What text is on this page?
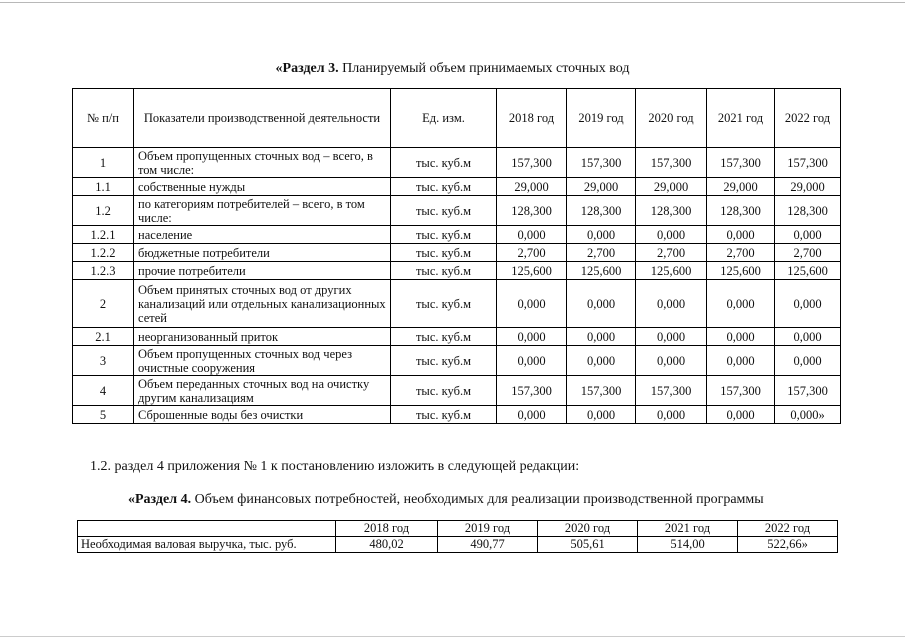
«Раздел 3. Планируемый объем принимаемых сточных вод
№ п/п	Показатели производственной деятельности	Ед. изм.	2018 год	2019 год	2020 год	2021 год	2022 год
1	Объем пропущенных сточных вод – всего, в том числе:	тыс. куб.м	157,300	157,300	157,300	157,300	157,300
1.1	собственные нужды	тыс. куб.м	29,000	29,000	29,000	29,000	29,000
1.2	по категориям потребителей – всего, в том числе:	тыс. куб.м	128,300	128,300	128,300	128,300	128,300
1.2.1	население	тыс. куб.м	0,000	0,000	0,000	0,000	0,000
1.2.2	бюджетные потребители	тыс. куб.м	2,700	2,700	2,700	2,700	2,700
1.2.3	прочие потребители	тыс. куб.м	125,600	125,600	125,600	125,600	125,600
2	Объем принятых сточных вод от других канализаций или отдельных канализационных сетей	тыс. куб.м	0,000	0,000	0,000	0,000	0,000
2.1	неорганизованный приток	тыс. куб.м	0,000	0,000	0,000	0,000	0,000
3	Объем пропущенных сточных вод через очистные сооружения	тыс. куб.м	0,000	0,000	0,000	0,000	0,000
4	Объем переданных сточных вод на очистку другим канализациям	тыс. куб.м	157,300	157,300	157,300	157,300	157,300
5	Сброшенные воды без очистки	тыс. куб.м	0,000	0,000	0,000	0,000	0,000»
1.2. раздел 4 приложения № 1 к постановлению изложить в следующей редакции:
«Раздел 4. Объем финансовых потребностей, необходимых для реализации производственной программы
	2018 год	2019 год	2020 год	2021 год	2022 год
Необходимая валовая выручка, тыс. руб.	480,02	490,77	505,61	514,00	522,66»
